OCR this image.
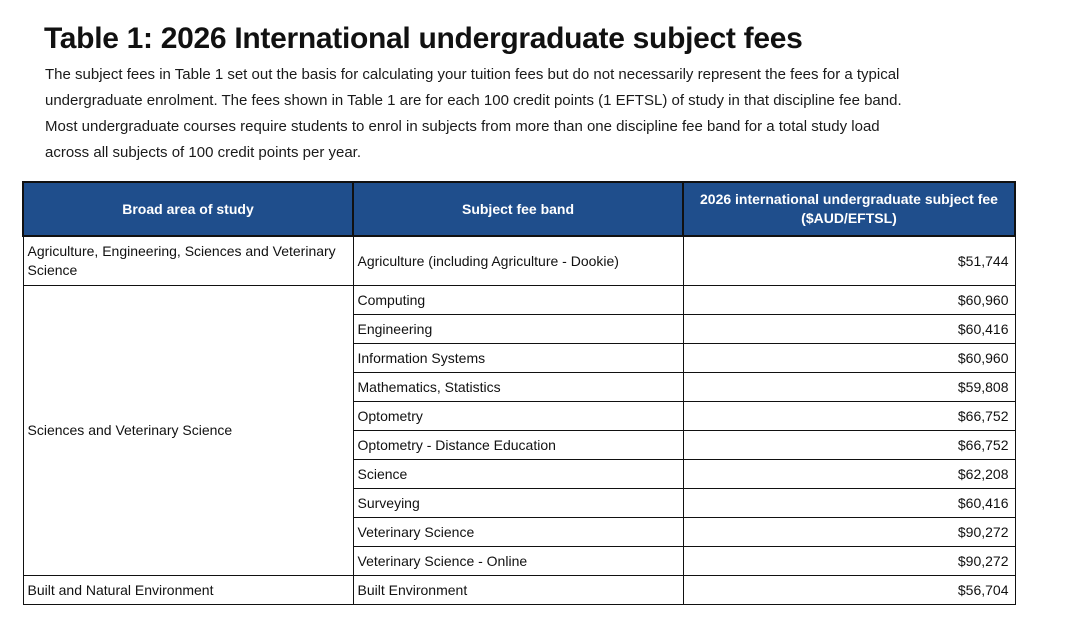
Table 1: 2026 International undergraduate subject fees

The subject fees in Table 1 set out the basis for calculating your tuition fees but do not necessarily represent the fees for a typical

undergraduate enrolment. The fees shown in Table 1 are for each 100 credit points (1 EFTSL) of study in that discipline fee band.

Most undergraduate courses require students to enrol in subjects from more than one discipline fee band for a total study load

across all subjects of 100 credit points per year.

Broad area of study	Subject fee band	2026 international undergraduate subject fee
($AUD/EFTSL)

Agriculture, Engineering, Sciences and Veterinary Science	Agriculture (including Agriculture - Dookie)	$51,744
Sciences and Veterinary Science	Computing	$60,960
	Engineering	$60,416
	Information Systems	$60,960
	Mathematics, Statistics	$59,808
	Optometry	$66,752
	Optometry - Distance Education	$66,752
	Science	$62,208
	Surveying	$60,416
	Veterinary Science	$90,272
	Veterinary Science - Online	$90,272
Built and Natural Environment	Built Environment	$56,704
